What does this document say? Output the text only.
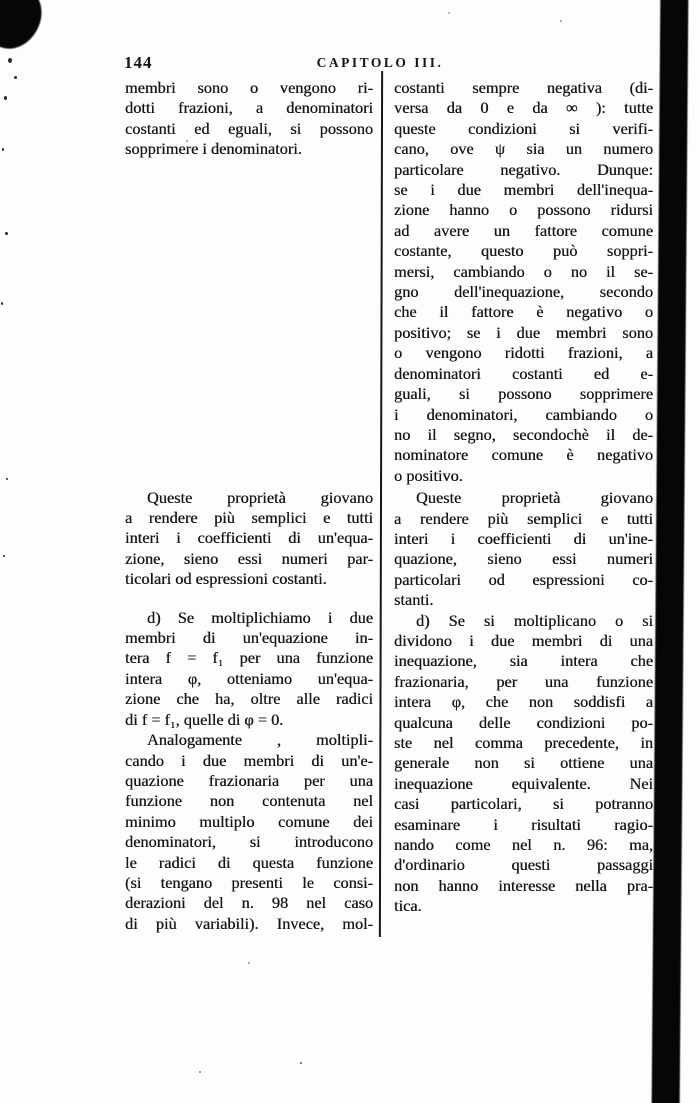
144	CAPITOLO III.
membri sono o vengono ri-
dotti frazioni, a denominatori
costanti ed eguali, si possono
sopprimere i denominatori.
Queste proprietà giovano
a rendere più semplici e tutti
interi i coefficienti di un'equa-
zione, sieno essi numeri par-
ticolari od espressioni costanti.
d) Se moltiplichiamo i due
membri di un'equazione in-
tera f = f₁ per una funzione
intera φ, otteniamo un'equa-
zione che ha, oltre alle radici
di f = f₁, quelle di φ = 0.
Analogamente , moltipli-
cando i due membri di un'e-
quazione frazionaria per una
funzione non contenuta nel
minimo multiplo comune dei
denominatori, si introducono
le radici di questa funzione
(si tengano presenti le consi-
derazioni del n. 98 nel caso
di più variabili). Invece, mol-
costanti sempre negativa (di-
versa da 0 e da ∞ ): tutte
queste condizioni si verifi-
cano, ove ψ sia un numero
particolare negativo. Dunque:
se i due membri dell'inequa-
zione hanno o possono ridursi
ad avere un fattore comune
costante, questo può soppri-
mersi, cambiando o no il se-
gno dell'inequazione, secondo
che il fattore è negativo o
positivo; se i due membri sono
o vengono ridotti frazioni, a
denominatori costanti ed e-
guali, si possono sopprimere
i denominatori, cambiando o
no il segno, secondochè il de-
nominatore comune è negativo
o positivo.
Queste proprietà giovano
a rendere più semplici e tutti
interi i coefficienti di un'ine-
quazione, sieno essi numeri
particolari od espressioni co-
stanti.
d) Se si moltiplicano o si
dividono i due membri di una
inequazione, sia intera che
frazionaria, per una funzione
intera φ, che non soddisfi a
qualcuna delle condizioni po-
ste nel comma precedente, in
generale non si ottiene una
inequazione equivalente. Nei
casi particolari, si potranno
esaminare i risultati ragio-
nando come nel n. 96: ma,
d'ordinario questi passaggi
non hanno interesse nella pra-
tica.
